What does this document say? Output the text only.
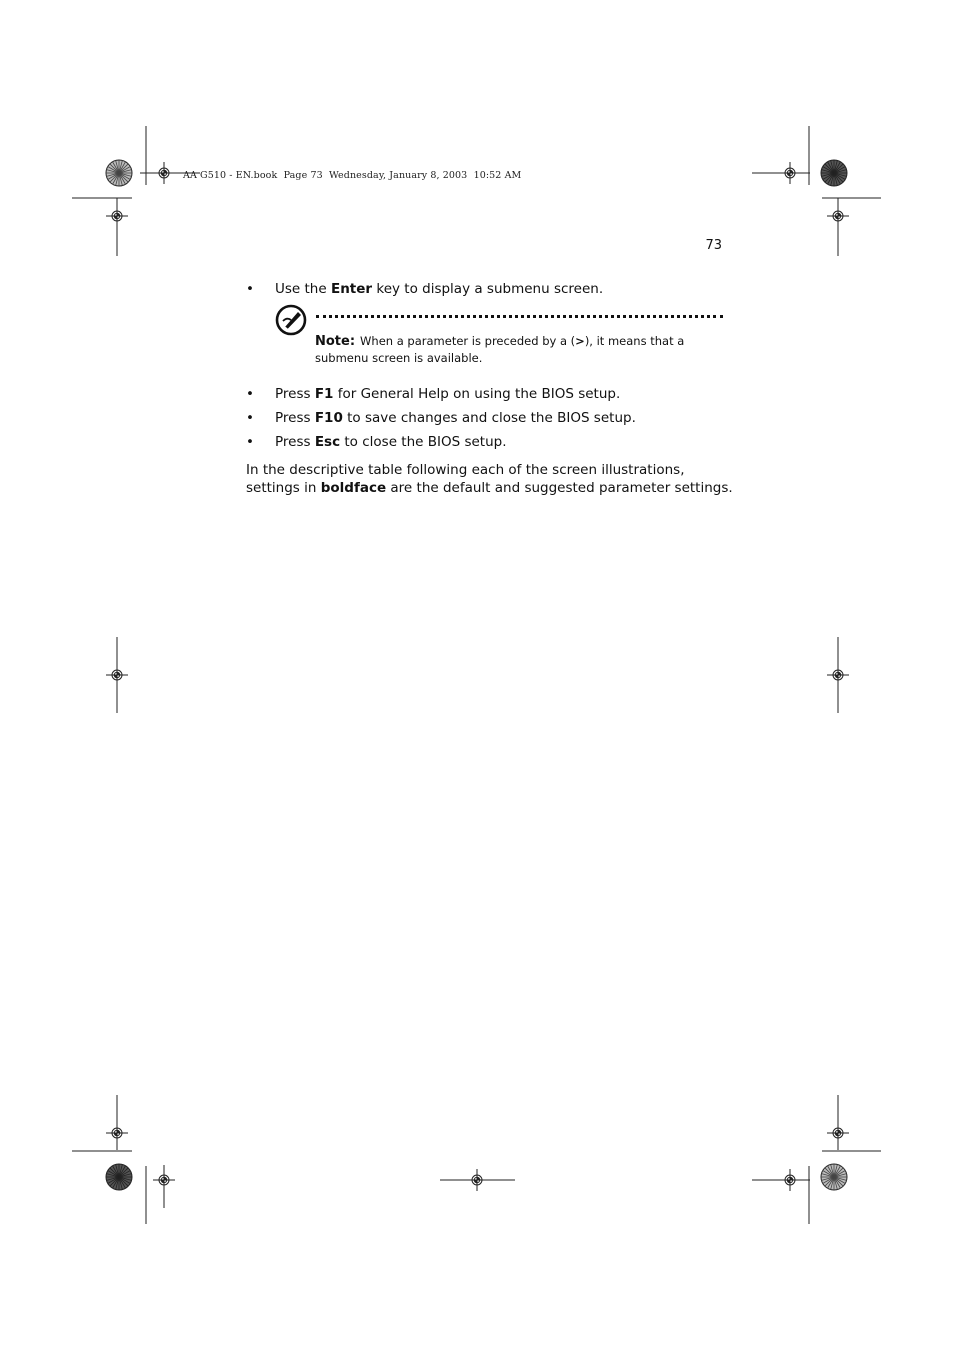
AA G510 - EN.book  Page 73  Wednesday, January 8, 2003  10:52 AM
73
• Use the Enter key to display a submenu screen.
Note: When a parameter is preceded by a (>), it means that a submenu screen is available.
• Press F1 for General Help on using the BIOS setup.
• Press F10 to save changes and close the BIOS setup.
• Press Esc to close the BIOS setup.
In the descriptive table following each of the screen illustrations, settings in boldface are the default and suggested parameter settings.
